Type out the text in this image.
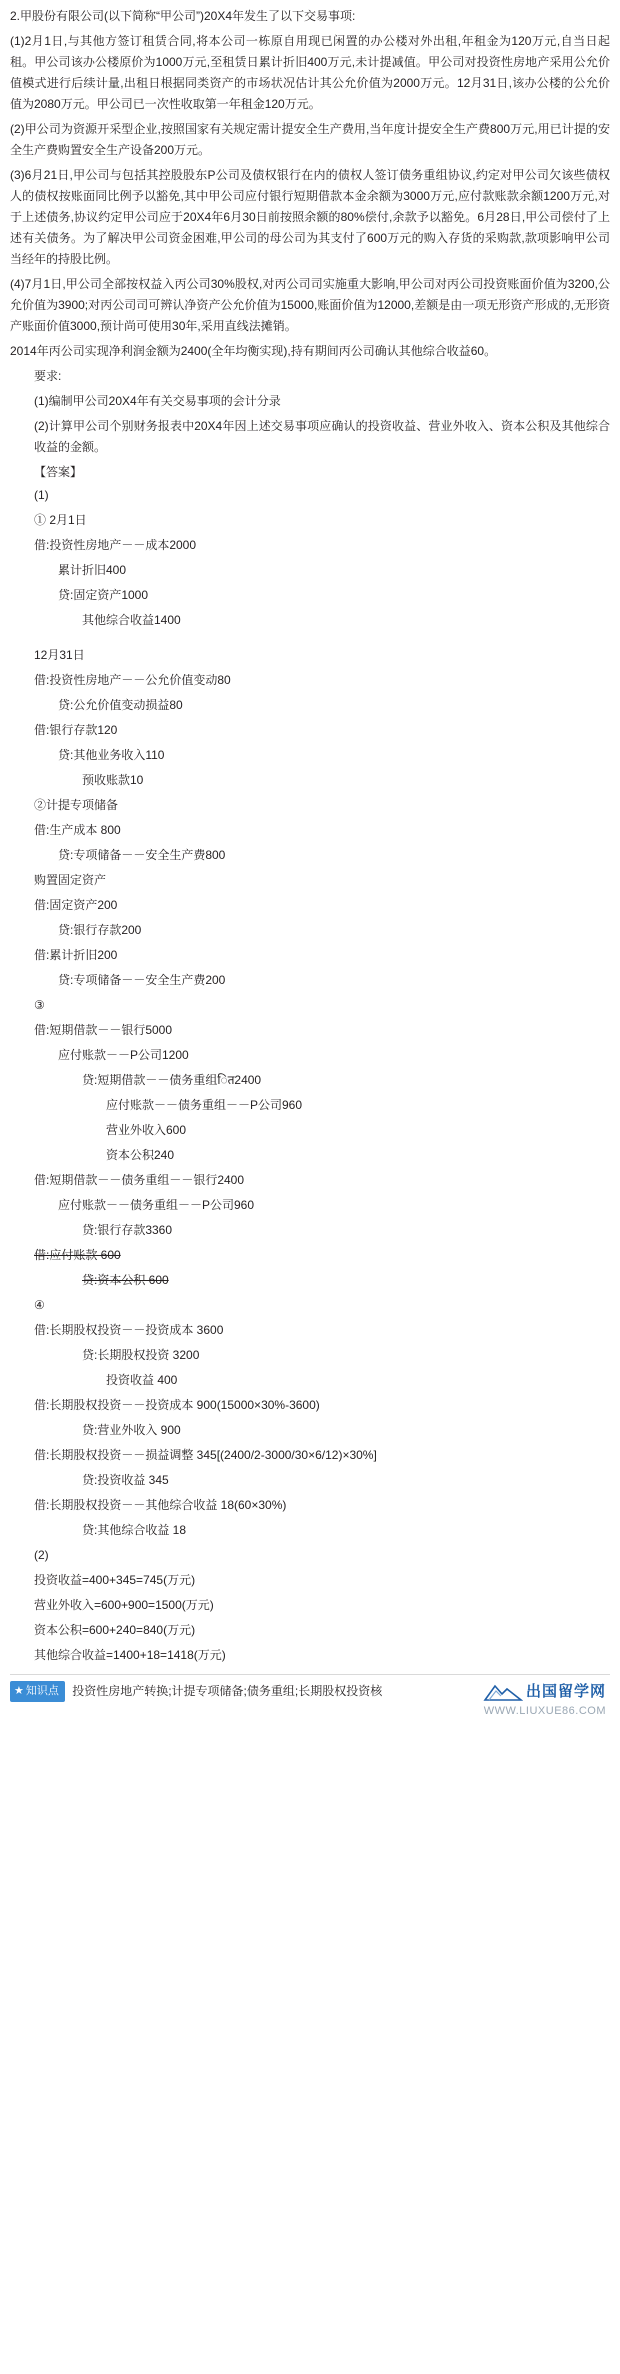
2.甲股份有限公司(以下简称“甲公司”)20X4年发生了以下交易事项:

(1)2月1日,与其他方签订租赁合同,将本公司一栋原自用现已闲置的办公楼对外出租,年租金为120万元,自当日起租。甲公司该办公楼原价为1000万元,至租赁日累计折旧400万元,未计提减值。甲公司对投资性房地产采用公允价值模式进行后续计量,出租日根据同类资产的市场状况估计其公允价值为2000万元。12月31日,该办公楼的公允价值为2080万元。甲公司已一次性收取第一年租金120万元。

(2)甲公司为资源开采型企业,按照国家有关规定需计提安全生产费用,当年度计提安全生产费800万元,用已计提的安全生产费购置安全生产设备200万元。

(3)6月21日,甲公司与包括其控股股东P公司及债权银行在内的债权人签订债务重组协议,约定对甲公司欠该些债权人的债权按账面同比例予以豁免,其中甲公司应付银行短期借款本金余额为3000万元,应付款账款余额1200万元,对于上述债务,协议约定甲公司应于20X4年6月30日前按照余额的80%偿付,余款予以豁免。6月28日,甲公司偿付了上述有关债务。为了解决甲公司资金困难,甲公司的母公司为其支付了600万元的购入存货的采购款,款项影响甲公司当经年的持股比例。

(4)7月1日,甲公司全部按权益入丙公司30%股权,对丙公司司实施重大影响,甲公司对丙公司投资账面价值为3200,公允价值为3900;对丙公司司可辨认净资产公允价值为15000,账面价值为12000,差额是由一项无形资产形成的,无形资产账面价值3000,预计尚可使用30年,采用直线法摊销。

2014年丙公司实现净利润金额为2400(全年均衡实现),持有期间丙公司确认其他综合收益60。

要求:

(1)编制甲公司20X4年有关交易事项的会计分录

(2)计算甲公司个别财务报表中20X4年因上述交易事项应确认的投资收益、营业外收入、资本公积及其他综合收益的金额。

【答案】

(1)

① 2月1日

借:投资性房地产－－成本2000

累计折旧400

贷:固定资产1000

其他综合收益1400

12月31日

借:投资性房地产－－公允价值变动80

贷:公允价值变动损益80

借:银行存款120

贷:其他业务收入110

预收账款10

②计提专项储备

借:生产成本 800

贷:专项储备－－安全生产费800

购置固定资产

借:固定资产200

贷:银行存款200

借:累计折旧200

贷:专项储备－－安全生产费200

③

借:短期借款－－银行5000

应付账款－－P公司1200

贷:短期借款－－债务重组ित2400

应付账款－－债务重组－－P公司960

营业外收入600

资本公积240

借:短期借款－－债务重组－－银行2400

应付账款－－债务重组－－P公司960

贷:银行存款3360

借:应付账款 600

贷:资本公积 600

④

借:长期股权投资－－投资成本 3600

贷:长期股权投资 3200

投资收益 400

借:长期股权投资－－投资成本 900(15000×30%-3600)

贷:营业外收入 900

借:长期股权投资－－损益调整 345[(2400/2-3000/30×6/12)×30%]

贷:投资收益 345

借:长期股权投资－－其他综合收益 18(60×30%)

贷:其他综合收益 18

(2)

投资收益=400+345=745(万元)

营业外收入=600+900=1500(万元)

资本公积=600+240=840(万元)

其他综合收益=1400+18=1418(万元)

★ 知识点 投资性房地产转换;计提专项储备;债务重组;长期股权投资核	出国留学网
WWW.LIUXUE86.COM
